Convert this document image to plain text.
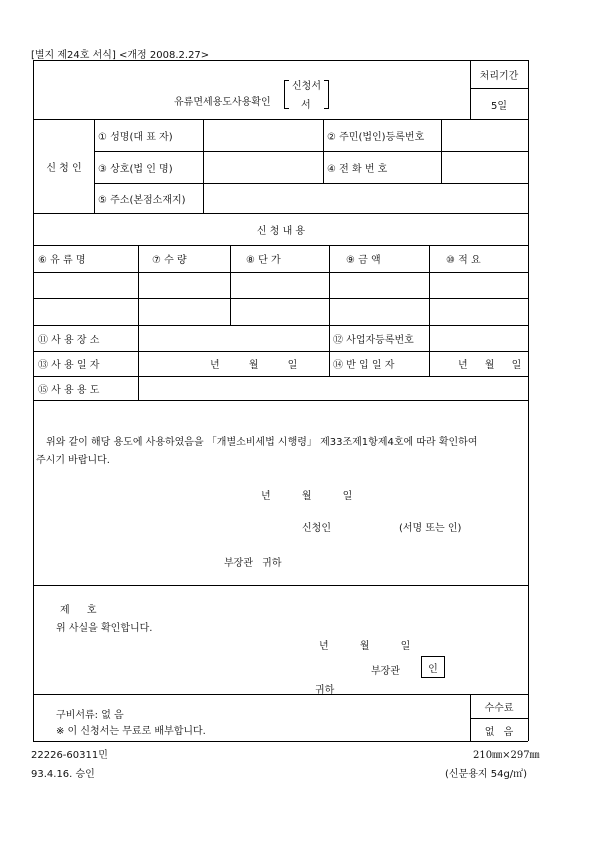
[별지 제24호 서식] <개정 2008.2.27>
유류면세용도사용확인
신청서
서
처리기간
5일
신 청 인
① 성명(대 표 자)	② 주민(법인)등록번호
③ 상호(법 인 명)	④ 전 화 번 호
⑤ 주소(본점소재지)
신 청 내 용
⑥ 유 류 명	⑦ 수 량	⑧ 단 가	⑨ 금 액	⑩ 적 요
⑪ 사 용 장 소	⑫ 사업자등록번호
⑬ 사 용 일 자	년 월 일	⑭ 반 입 일 자	년 월 일
⑮ 사 용 용 도
위와 같이 해당 용도에 사용하였음을 「개별소비세법 시행령」 제33조제1항제4호에 따라 확인하여
주시기 바랍니다.
년 월 일
신청인	(서명 또는 인)
부장관 귀하
제 호
위 사실을 확인합니다.
년 월 일
부장관	인
귀하
구비서류: 없 음
※ 이 신청서는 무료로 배부합니다.
수수료
없 음
22226-60311민
93.4.16. 승인
210㎜×297㎜
(신문용지 54g/㎡)
